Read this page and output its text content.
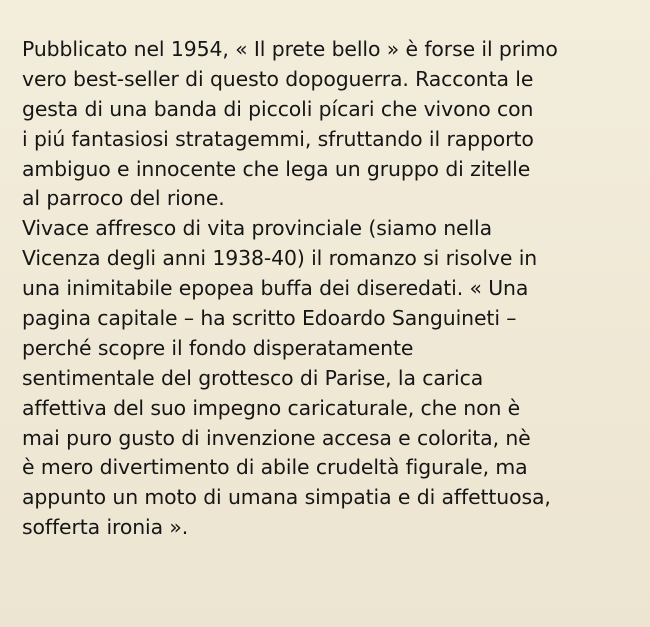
Pubblicato nel 1954, « Il prete bello » è forse il primo
vero best-seller di questo dopoguerra. Racconta le
gesta di una banda di piccoli pícari che vivono con
i piú fantasiosi stratagemmi, sfruttando il rapporto
ambiguo e innocente che lega un gruppo di zitelle
al parroco del rione.
Vivace affresco di vita provinciale (siamo nella
Vicenza degli anni 1938-40) il romanzo si risolve in
una inimitabile epopea buffa dei diseredati. « Una
pagina capitale – ha scritto Edoardo Sanguineti –
perché scopre il fondo disperatamente
sentimentale del grottesco di Parise, la carica
affettiva del suo impegno caricaturale, che non è
mai puro gusto di invenzione accesa e colorita, nè
è mero divertimento di abile crudeltà figurale, ma
appunto un moto di umana simpatia e di affettuosa,
sofferta ironia ».
